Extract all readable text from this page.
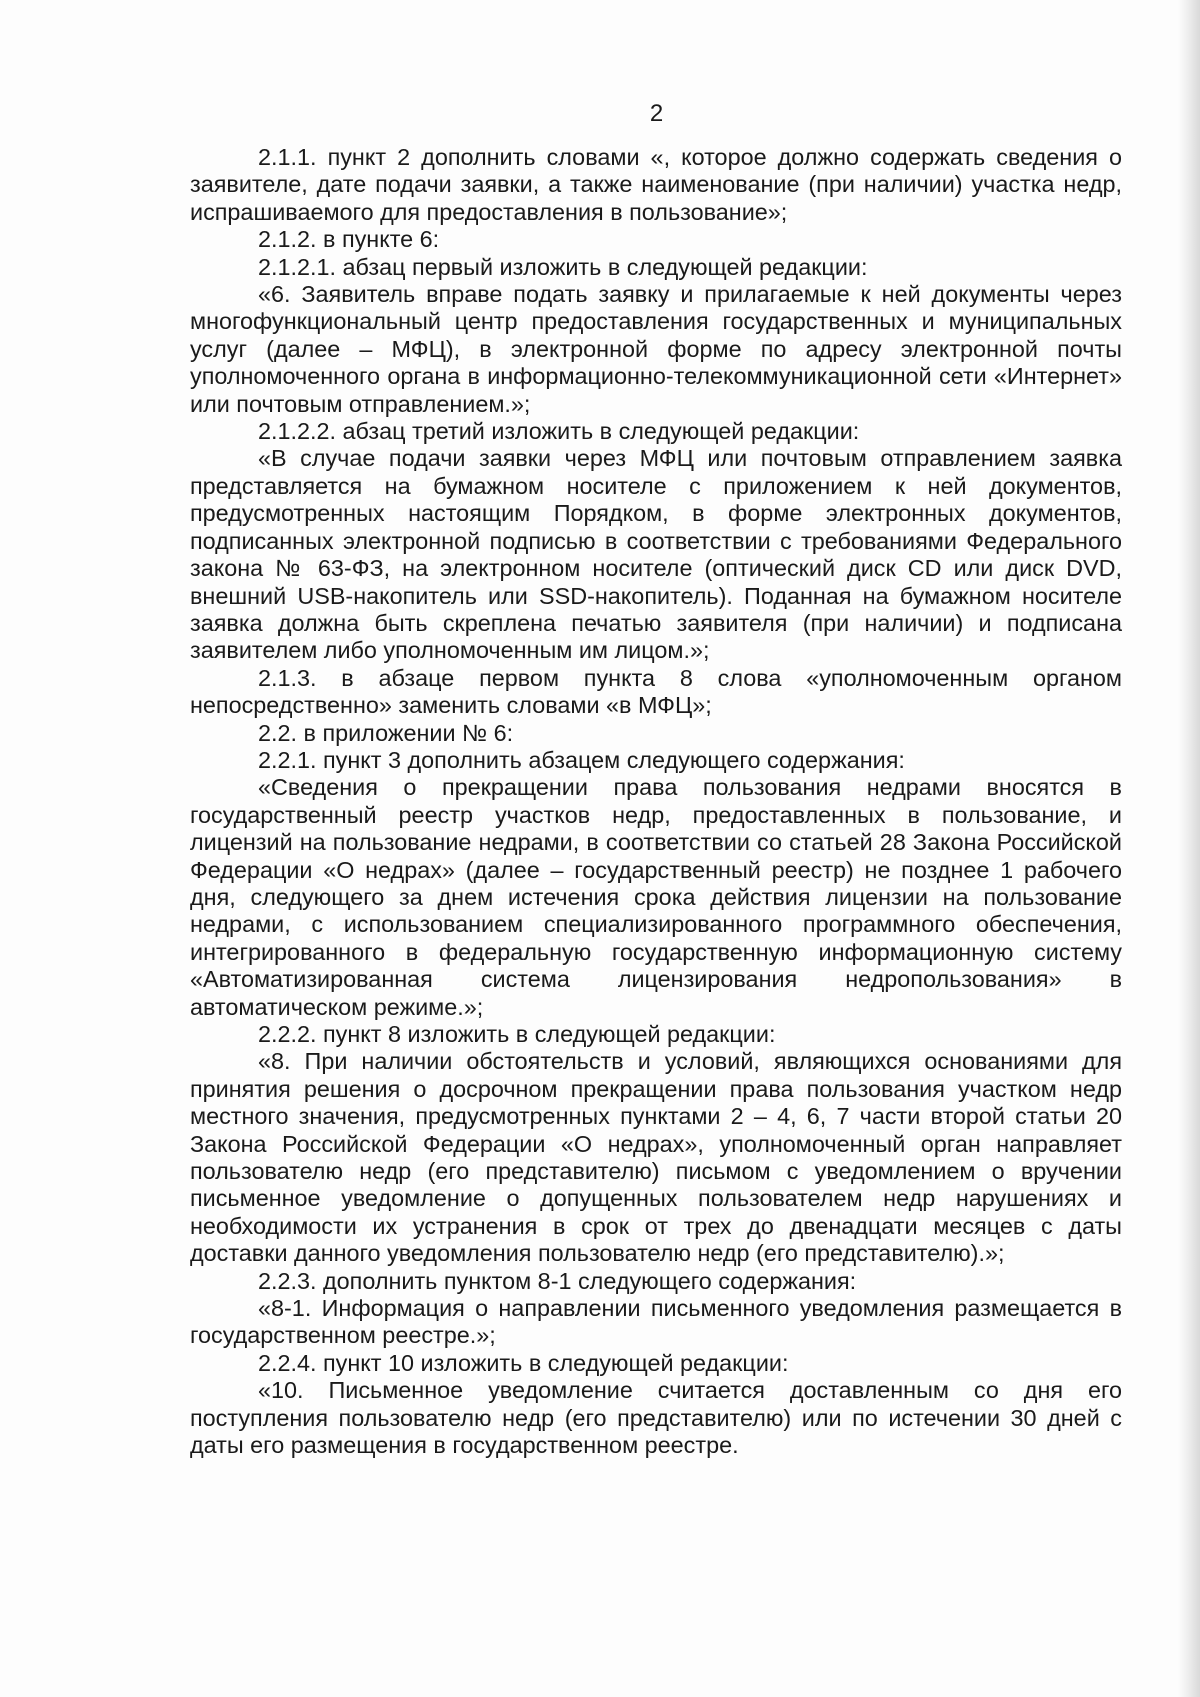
2

2.1.1. пункт 2 дополнить словами «, которое должно содержать сведения о заявителе, дате подачи заявки, а также наименование (при наличии) участка недр, испрашиваемого для предоставления в пользование»;

2.1.2. в пункте 6:

2.1.2.1. абзац первый изложить в следующей редакции:

«6. Заявитель вправе подать заявку и прилагаемые к ней документы через многофункциональный центр предоставления государственных и муниципальных услуг (далее – МФЦ), в электронной форме по адресу электронной почты уполномоченного органа в информационно-телекоммуникационной сети «Интернет» или почтовым отправлением.»;

2.1.2.2. абзац третий изложить в следующей редакции:

«В случае подачи заявки через МФЦ или почтовым отправлением заявка представляется на бумажном носителе с приложением к ней документов, предусмотренных настоящим Порядком, в форме электронных документов, подписанных электронной подписью в соответствии с требованиями Федерального закона № 63-ФЗ, на электронном носителе (оптический диск CD или диск DVD, внешний USB-накопитель или SSD-накопитель). Поданная на бумажном носителе заявка должна быть скреплена печатью заявителя (при наличии) и подписана заявителем либо уполномоченным им лицом.»;

2.1.3. в абзаце первом пункта 8 слова «уполномоченным органом непосредственно» заменить словами «в МФЦ»;

2.2. в приложении № 6:

2.2.1. пункт 3 дополнить абзацем следующего содержания:

«Сведения о прекращении права пользования недрами вносятся в государственный реестр участков недр, предоставленных в пользование, и лицензий на пользование недрами, в соответствии со статьей 28 Закона Российской Федерации «О недрах» (далее – государственный реестр) не позднее 1 рабочего дня, следующего за днем истечения срока действия лицензии на пользование недрами, с использованием специализированного программного обеспечения, интегрированного в федеральную государственную информационную систему «Автоматизированная система лицензирования недропользования» в автоматическом режиме.»;

2.2.2. пункт 8 изложить в следующей редакции:

«8. При наличии обстоятельств и условий, являющихся основаниями для принятия решения о досрочном прекращении права пользования участком недр местного значения, предусмотренных пунктами 2 – 4, 6, 7 части второй статьи 20 Закона Российской Федерации «О недрах», уполномоченный орган направляет пользователю недр (его представителю) письмом с уведомлением о вручении письменное уведомление о допущенных пользователем недр нарушениях и необходимости их устранения в срок от трех до двенадцати месяцев с даты доставки данного уведомления пользователю недр (его представителю).»;

2.2.3. дополнить пунктом 8-1 следующего содержания:

«8-1. Информация о направлении письменного уведомления размещается в государственном реестре.»;

2.2.4. пункт 10 изложить в следующей редакции:

«10. Письменное уведомление считается доставленным со дня его поступления пользователю недр (его представителю) или по истечении 30 дней с даты его размещения в государственном реестре.
